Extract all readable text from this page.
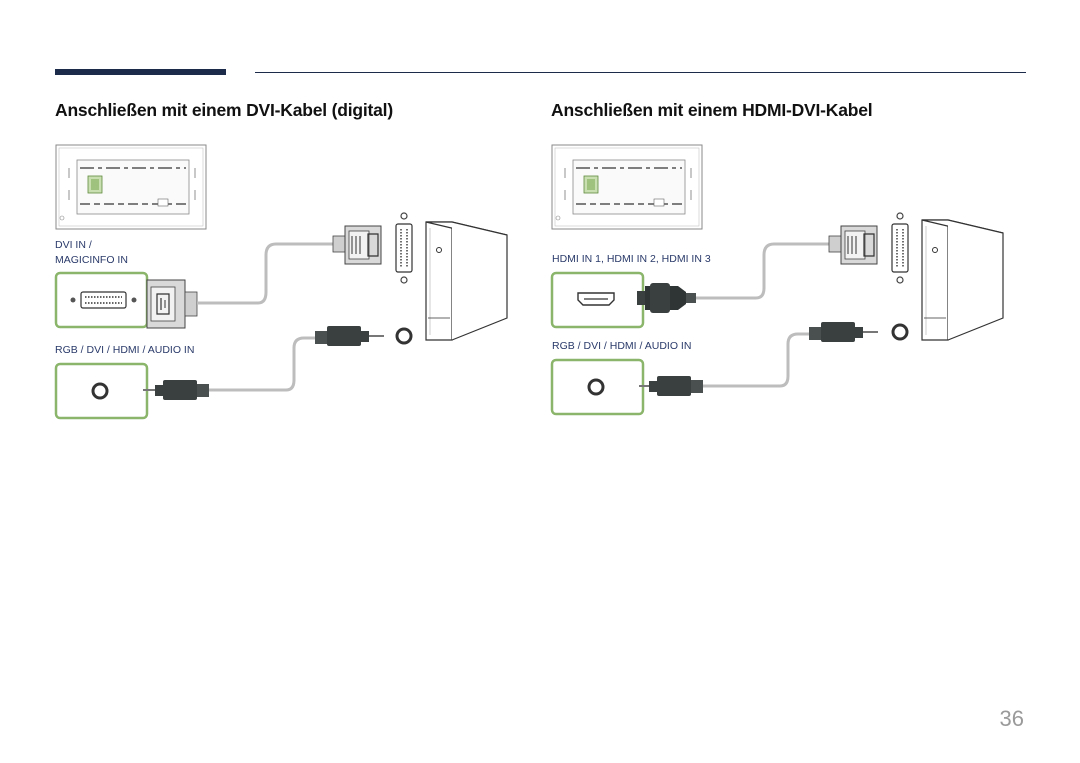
Anschließen mit einem DVI-Kabel (digital)	Anschließen mit einem HDMI-DVI-Kabel
DVI IN /
MAGICINFO IN
RGB / DVI / HDMI / AUDIO IN
HDMI IN 1, HDMI IN 2, HDMI IN 3
RGB / DVI / HDMI / AUDIO IN
36
